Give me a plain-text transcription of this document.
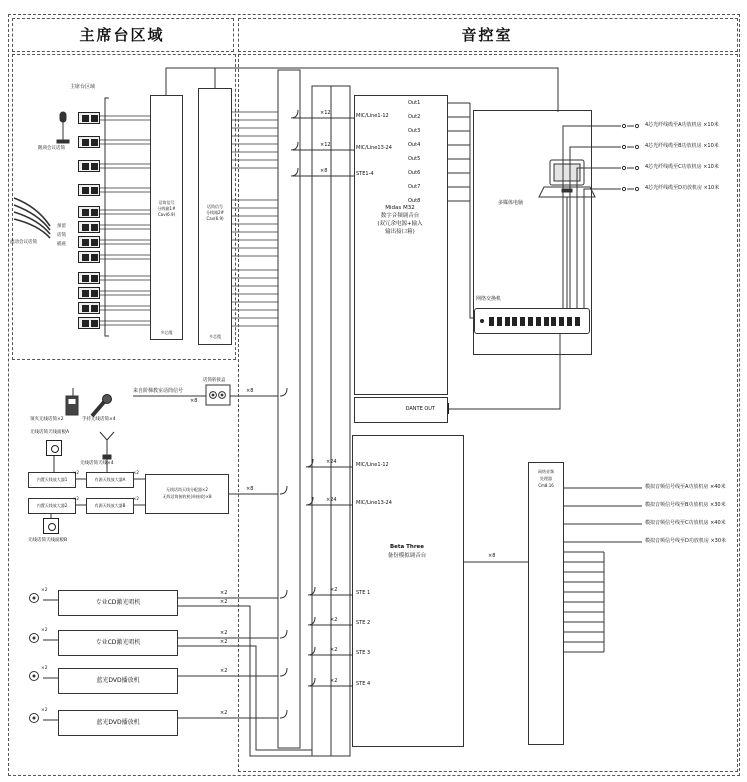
主席台区域	音控室
主席台区域
鹅颈会议话筒
预留
话筒
插座
流动会议话筒
话筒信号
分线箱1#
Cav(6.9)
多芯缆
话筒信号
分线箱2#
Cav(6.9)
多芯缆
领夹无线话筒×2	手持无线话筒×4
来自阶梯教室话筒信号
×8
×8
话筒转接盒
无线话筒天线面板A
无线话筒天线×4
内置天线放大器1	有源天线放大器A
内置天线放大器2	有源天线放大器B
×2	×2
×2	×2
无线话筒天线分配器×2
无线话筒接收机(单接收)×8
×8
无线话筒天线面板B
MIC/Line1-12
MIC/Line13-24
STE1-4
×12
×12
×8
Out1
Out2
Out3
Out4
Out5
Out6
Out7
Out8
Midas M32
数字音频调音台
(双冗余电源+输入
输出接口箱)
DANTE OUT
多媒体电脑
网络交换机
4芯光纤线缆至A功放机房 ×10米
4芯光纤线缆至B功放机房 ×10米
4芯光纤线缆至C功放机房 ×10米
4芯光纤线缆至D功放机房 ×10米
MIC/Line1-12
MIC/Line13-24
STE 1
STE 2
STE 3
STE 4
×24
×24
×2
×2
×2
×2
Beta Three
备份模拟调音台	×8
网络音频
处理器
Cm8.16	模拟音频信号线至A功放机房 ×40米
模拟音频信号线至B功放机房 ×30米
模拟音频信号线至C功放机房 ×40米
模拟音频信号线至D功放机房 ×30米
专业CD激光唱机
专业CD激光唱机
蓝光DVD播放机
蓝光DVD播放机
×2
×2
×2
×2
×2
×2
×2
×2
×2
×2
